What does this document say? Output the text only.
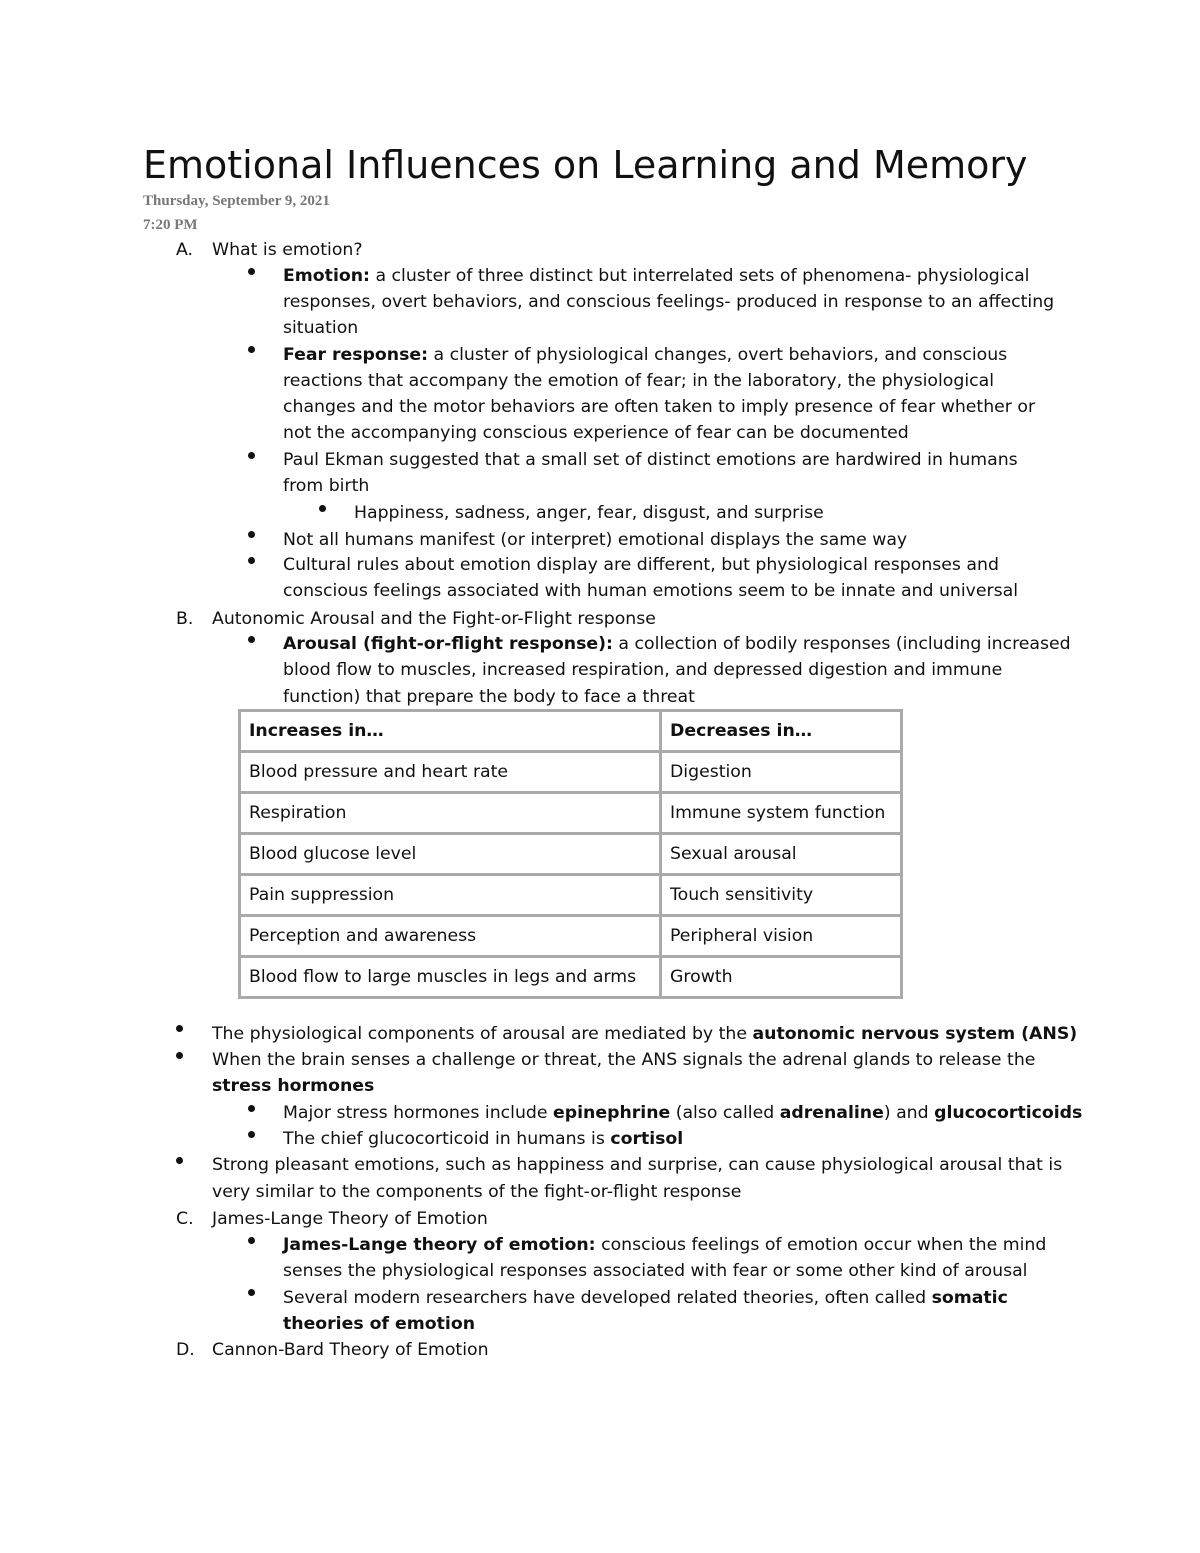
Emotional Influences on Learning and Memory
Thursday, September 9, 2021
7:20 PM
A. What is emotion?
Emotion: a cluster of three distinct but interrelated sets of phenomena- physiological
responses, overt behaviors, and conscious feelings- produced in response to an affecting
situation
Fear response: a cluster of physiological changes, overt behaviors, and conscious
reactions that accompany the emotion of fear; in the laboratory, the physiological
changes and the motor behaviors are often taken to imply presence of fear whether or
not the accompanying conscious experience of fear can be documented
Paul Ekman suggested that a small set of distinct emotions are hardwired in humans
from birth
Happiness, sadness, anger, fear, disgust, and surprise
Not all humans manifest (or interpret) emotional displays the same way
Cultural rules about emotion display are different, but physiological responses and
conscious feelings associated with human emotions seem to be innate and universal
B. Autonomic Arousal and the Fight-or-Flight response
Arousal (fight-or-flight response): a collection of bodily responses (including increased
blood flow to muscles, increased respiration, and depressed digestion and immune
function) that prepare the body to face a threat
Increases in…	Decreases in…
Blood pressure and heart rate	Digestion
Respiration	Immune system function
Blood glucose level	Sexual arousal
Pain suppression	Touch sensitivity
Perception and awareness	Peripheral vision
Blood flow to large muscles in legs and arms	Growth
The physiological components of arousal are mediated by the autonomic nervous system (ANS)
When the brain senses a challenge or threat, the ANS signals the adrenal glands to release the
stress hormones
Major stress hormones include epinephrine (also called adrenaline) and glucocorticoids
The chief glucocorticoid in humans is cortisol
Strong pleasant emotions, such as happiness and surprise, can cause physiological arousal that is
very similar to the components of the fight-or-flight response
C. James-Lange Theory of Emotion
James-Lange theory of emotion: conscious feelings of emotion occur when the mind
senses the physiological responses associated with fear or some other kind of arousal
Several modern researchers have developed related theories, often called somatic
theories of emotion
D. Cannon-Bard Theory of Emotion
